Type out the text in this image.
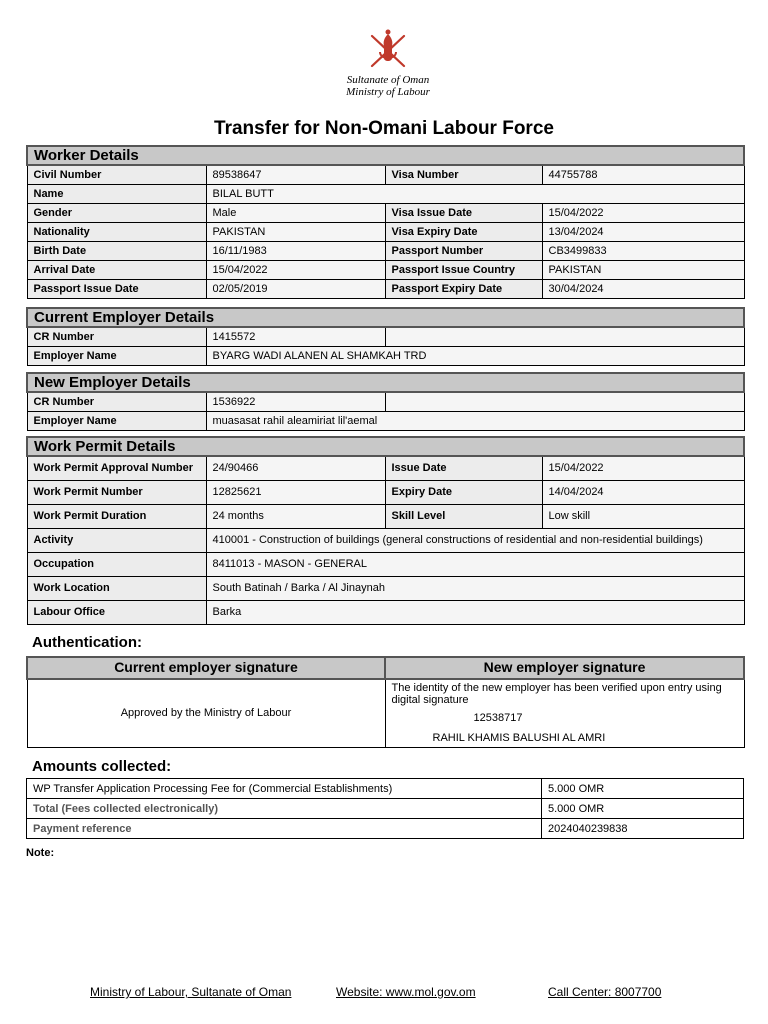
Sultanate of Oman
Ministry of Labour
Transfer for Non-Omani Labour Force
Worker Details			
Civil Number	89538647	Visa Number	44755788
Name	BILAL BUTT		
Gender	Male	Visa Issue Date	15/04/2022
Nationality	PAKISTAN	Visa Expiry Date	13/04/2024
Birth Date	16/11/1983	Passport Number	CB3499833
Arrival Date	15/04/2022	Passport Issue Country	PAKISTAN
Passport Issue Date	02/05/2019	Passport Expiry Date	30/04/2024
Current Employer Details		
CR Number	1415572	
Employer Name	BYARG WADI ALANEN AL SHAMKAH TRD	
New Employer Details		
CR Number	1536922	
Employer Name	muasasat rahil aleamiriat lil'aemal	
Work Permit Details			
Work Permit Approval Number	24/90466	Issue Date	15/04/2022
Work Permit Number	12825621	Expiry Date	14/04/2024
Work Permit Duration	24 months	Skill Level	Low skill
Activity	410001 - Construction of buildings (general constructions of residential and non-residential buildings)		
Occupation	8411013 - MASON - GENERAL		
Work Location	South Batinah / Barka / Al Jinaynah		
Labour Office	Barka		
Authentication:
Current employer signature	New employer signature
Approved by the Ministry of Labour	The identity of the new employer has been verified upon entry using digital signature
12538717
RAHIL KHAMIS BALUSHI AL AMRI
Amounts collected:
WP Transfer Application Processing Fee for (Commercial Establishments)	5.000 OMR
Total (Fees collected electronically)	5.000 OMR
Payment reference	2024040239838
Note:
Ministry of Labour, Sultanate of Oman	Website: www.mol.gov.om	Call Center: 8007700
